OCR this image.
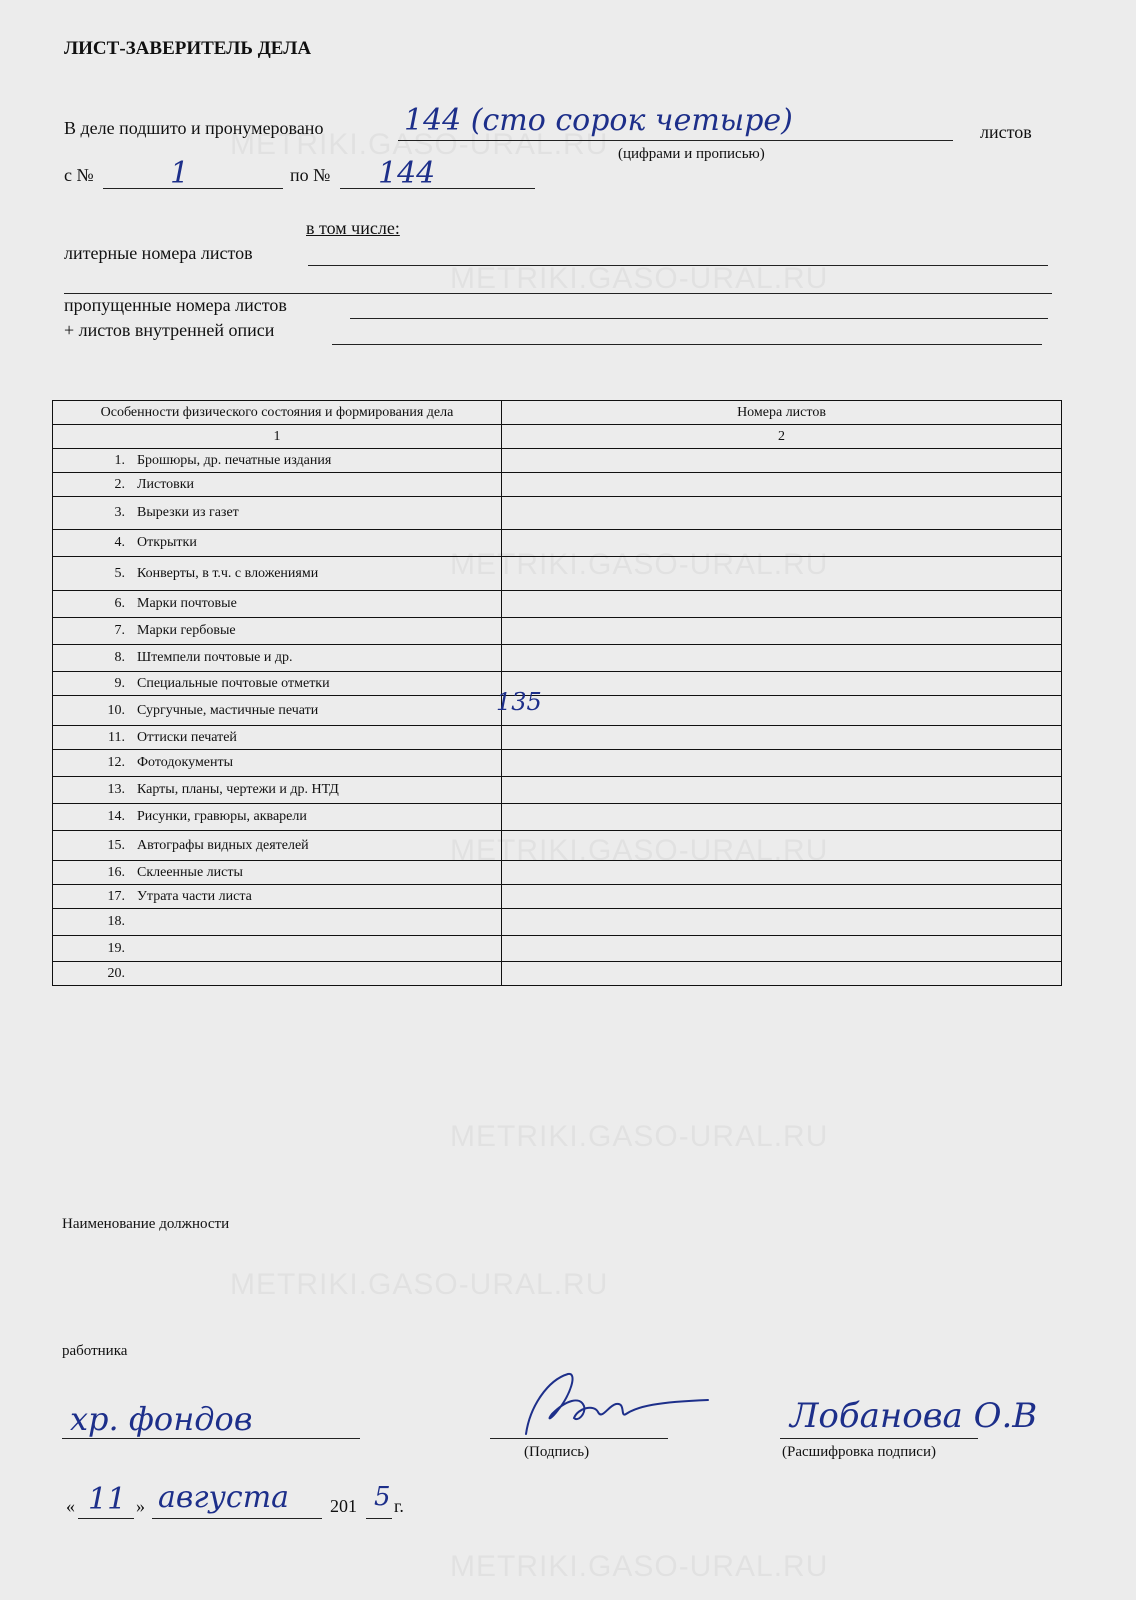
ЛИСТ-ЗАВЕРИТЕЛЬ ДЕЛА
В деле подшито и пронумеровано	144 (сто сорок четыре)	листов
(цифрами и прописью)
с №	1	по № 144
в том числе:
литерные номера листов
пропущенные номера листов
+ листов внутренней описи
Особенности физического состояния и формирования дела	Номера листов
1	2
1. Брошюры, др. печатные издания	
2. Листовки	
3. Вырезки из газет	
4. Открытки	
5. Конверты, в т.ч. с вложениями	
6. Марки почтовые	
7. Марки гербовые	
8. Штемпели почтовые и др.	
9. Специальные почтовые отметки	
10. Сургучные, мастичные печати	135

11. Оттиски печатей	
12. Фотодокументы	
13. Карты, планы, чертежи и др. НТД	
14. Рисунки, гравюры, акварели	
15. Автографы видных деятелей	
16. Склеенные листы	
17. Утрата части листа	
18.	
19.	
20.	
Наименование должности
работника
хр. фондов
(Подпись)
Лобанова О.В
(Расшифровка подписи)
« 11 » августа 201 5 г.
